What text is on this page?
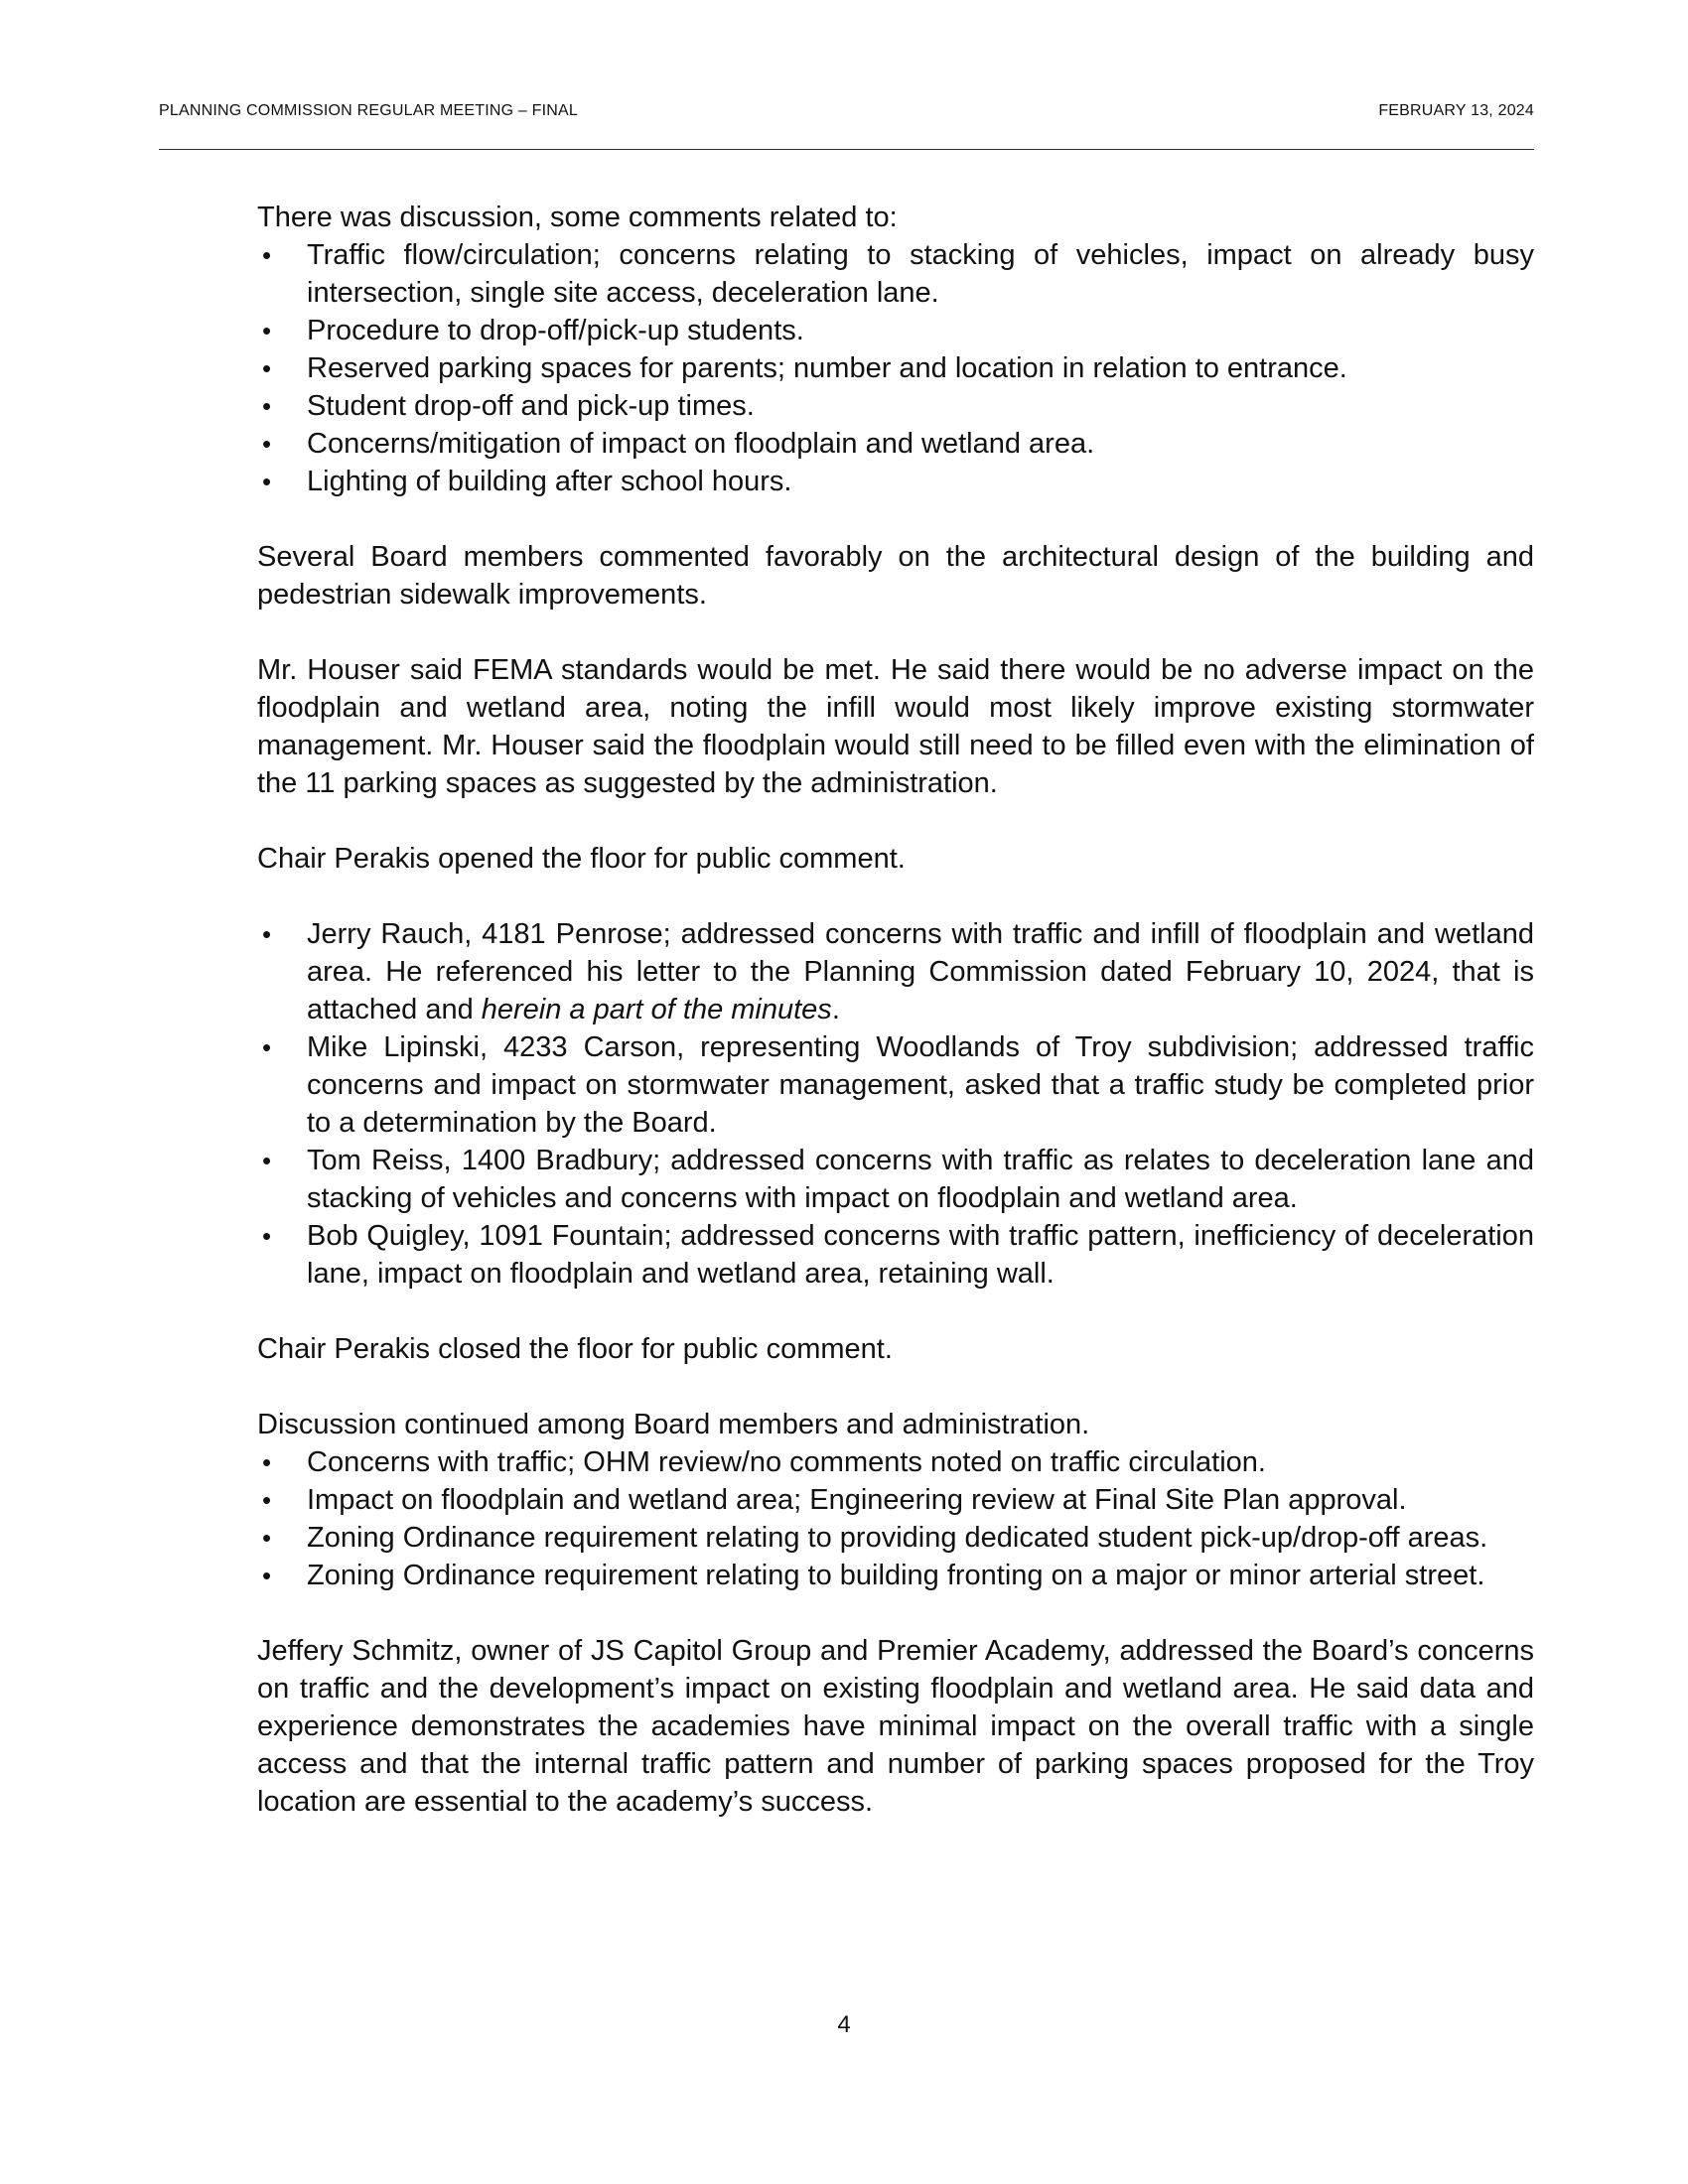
PLANNING COMMISSION REGULAR MEETING – FINAL	FEBRUARY 13, 2024

There was discussion, some comments related to:

• Traffic flow/circulation; concerns relating to stacking of vehicles, impact on already busy intersection, single site access, deceleration lane.
• Procedure to drop-off/pick-up students.
• Reserved parking spaces for parents; number and location in relation to entrance.
• Student drop-off and pick-up times.
• Concerns/mitigation of impact on floodplain and wetland area.
• Lighting of building after school hours.

Several Board members commented favorably on the architectural design of the building and pedestrian sidewalk improvements.

Mr. Houser said FEMA standards would be met. He said there would be no adverse impact on the floodplain and wetland area, noting the infill would most likely improve existing stormwater management. Mr. Houser said the floodplain would still need to be filled even with the elimination of the 11 parking spaces as suggested by the administration.

Chair Perakis opened the floor for public comment.

• Jerry Rauch, 4181 Penrose; addressed concerns with traffic and infill of floodplain and wetland area. He referenced his letter to the Planning Commission dated February 10, 2024, that is attached and herein a part of the minutes.
• Mike Lipinski, 4233 Carson, representing Woodlands of Troy subdivision; addressed traffic concerns and impact on stormwater management, asked that a traffic study be completed prior to a determination by the Board.
• Tom Reiss, 1400 Bradbury; addressed concerns with traffic as relates to deceleration lane and stacking of vehicles and concerns with impact on floodplain and wetland area.
• Bob Quigley, 1091 Fountain; addressed concerns with traffic pattern, inefficiency of deceleration lane, impact on floodplain and wetland area, retaining wall.

Chair Perakis closed the floor for public comment.

Discussion continued among Board members and administration.

• Concerns with traffic; OHM review/no comments noted on traffic circulation.
• Impact on floodplain and wetland area; Engineering review at Final Site Plan approval.
• Zoning Ordinance requirement relating to providing dedicated student pick-up/drop-off areas.
• Zoning Ordinance requirement relating to building fronting on a major or minor arterial street.

Jeffery Schmitz, owner of JS Capitol Group and Premier Academy, addressed the Board’s concerns on traffic and the development’s impact on existing floodplain and wetland area. He said data and experience demonstrates the academies have minimal impact on the overall traffic with a single access and that the internal traffic pattern and number of parking spaces proposed for the Troy location are essential to the academy’s success.

4
